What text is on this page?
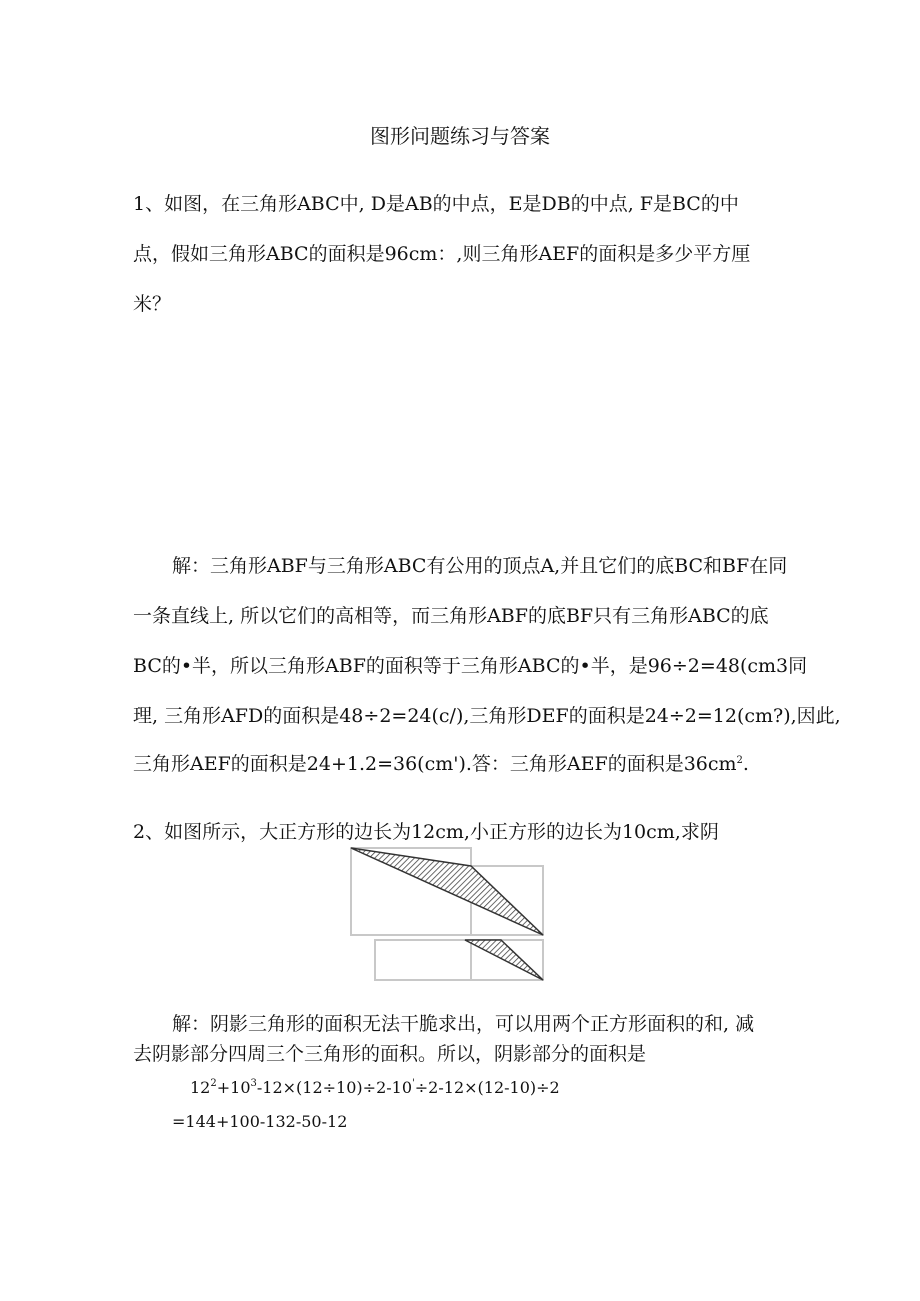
图形问题练习与答案
1、如图，在三角形ABC中, D是AB的中点，E是DB的中点, F是BC的中
点，假如三角形ABC的面积是96cm：,则三角形AEF的面积是多少平方厘
米？
解：三角形ABF与三角形ABC有公用的顶点A,并且它们的底BC和BF在同
一条直线上, 所以它们的高相等，而三角形ABF的底BF只有三角形ABC的底
BC的•半，所以三角形ABF的面积等于三角形ABC的•半，是96÷2=48(cm3同
理, 三角形AFD的面积是48÷2=24(c∕),三角形DEF的面积是24÷2=12(cm?),因此,
三角形AEF的面积是24+1.2=36(cm').答：三角形AEF的面积是$36cm^2$.
2、如图所示，大正方形的边长为12cm,小正方形的边长为10cm,求阴
解：阴影三角形的面积无法干脆求出，可以用两个正方形面积的和, 减
去阴影部分四周三个三角形的面积。所以，阴影部分的面积是
$12^2+10^3-12\times(12\div 10)\div 2-10'\div 2-12\times(12-10)\div 2$
=144+100-132-50-12
